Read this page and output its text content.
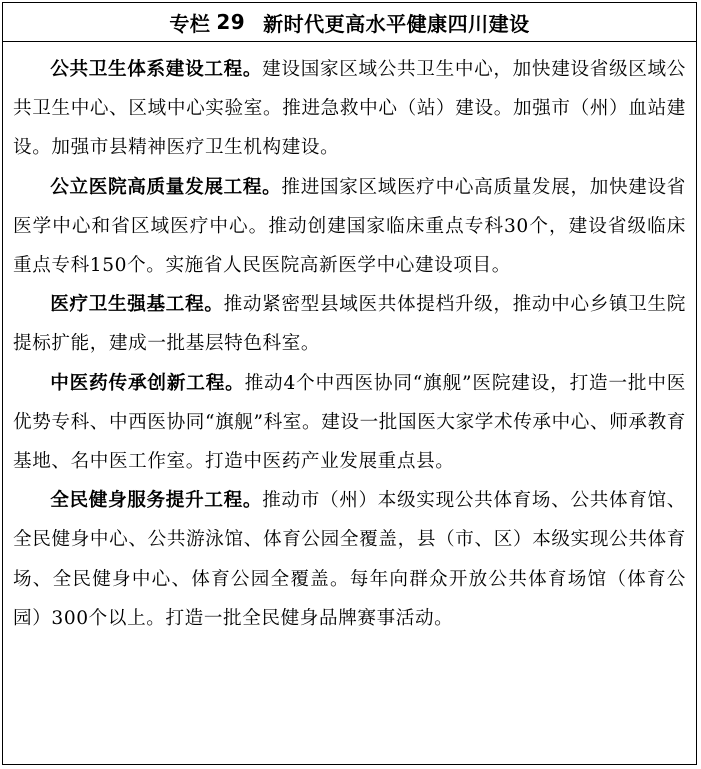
专栏 29 新时代更高水平健康四川建设

公共卫生体系建设工程。建设国家区域公共卫生中心，加快建设省级区域公共卫生中心、区域中心实验室。推进急救中心（站）建设。加强市（州）血站建设。加强市县精神医疗卫生机构建设。

公立医院高质量发展工程。推进国家区域医疗中心高质量发展，加快建设省医学中心和省区域医疗中心。推动创建国家临床重点专科30个，建设省级临床重点专科150个。实施省人民医院高新医学中心建设项目。

医疗卫生强基工程。推动紧密型县域医共体提档升级，推动中心乡镇卫生院提标扩能，建成一批基层特色科室。

中医药传承创新工程。推动4个中西医协同“旗舰”医院建设，打造一批中医优势专科、中西医协同“旗舰”科室。建设一批国医大家学术传承中心、师承教育基地、名中医工作室。打造中医药产业发展重点县。

全民健身服务提升工程。推动市（州）本级实现公共体育场、公共体育馆、全民健身中心、公共游泳馆、体育公园全覆盖，县（市、区）本级实现公共体育场、全民健身中心、体育公园全覆盖。每年向群众开放公共体育场馆（体育公园）300个以上。打造一批全民健身品牌赛事活动。
